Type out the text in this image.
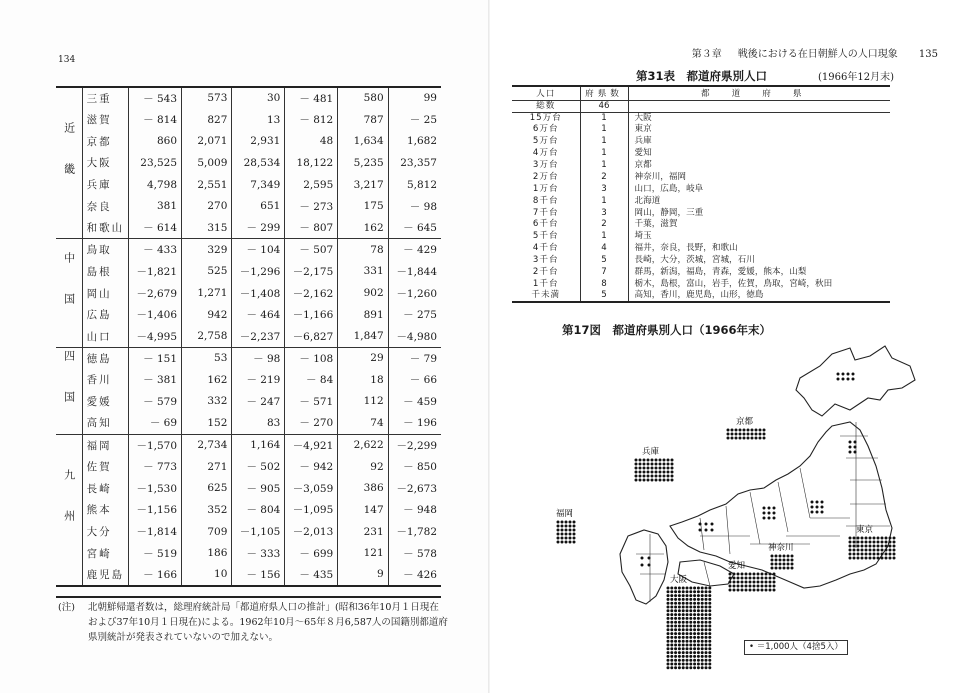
134
近畿	三重	－ 543	573	30	－ 481	580	99
	滋賀	－ 814	827	13	－ 812	787	－ 25
	京都	860	2,071	2,931	48	1,634	1,682
	大阪	23,525	5,009	28,534	18,122	5,235	23,357
	兵庫	4,798	2,551	7,349	2,595	3,217	5,812
	奈良	381	270	651	－ 273	175	－ 98
	和歌山	－ 614	315	－ 299	－ 807	162	－ 645
中国	鳥取	－ 433	329	－ 104	－ 507	78	－ 429
	島根	－1,821	525	－1,296	－2,175	331	－1,844
	岡山	－2,679	1,271	－1,408	－2,162	902	－1,260
	広島	－1,406	942	－ 464	－1,166	891	－ 275
	山口	－4,995	2,758	－2,237	－6,827	1,847	－4,980
四国	徳島	－ 151	53	－ 98	－ 108	29	－ 79
	香川	－ 381	162	－ 219	－ 84	18	－ 66
	愛媛	－ 579	332	－ 247	－ 571	112	－ 459
	高知	－ 69	152	83	－ 270	74	－ 196
九州	福岡	－1,570	2,734	1,164	－4,921	2,622	－2,299
	佐賀	－ 773	271	－ 502	－ 942	92	－ 850
	長崎	－1,530	625	－ 905	－3,059	386	－2,673
	熊本	－1,156	352	－ 804	－1,095	147	－ 948
	大分	－1,814	709	－1,105	－2,013	231	－1,782
	宮崎	－ 519	186	－ 333	－ 699	121	－ 578
	鹿児島	－ 166	10	－ 156	－ 435	9	－ 426
(注) 北朝鮮帰還者数は，総理府統計局「都道府県人口の推計」(昭和36年10月１日現在および37年10月１日現在)による。1962年10月～65年８月6,587人の国籍別都道府県別統計が発表されていないので加えない。
第３章 戦後における在日朝鮮人の人口現象 135
第31表　都道府県別人口	(1966年12月末)
人口	府県数	都道府県
総数	46	
15万台	1	大阪
6万台	1	東京
5万台	1	兵庫
4万台	1	愛知
3万台	1	京都
2万台	2	神奈川，福岡
1万台	3	山口，広島，岐阜
8千台	1	北海道
7千台	3	岡山，静岡，三重
6千台	2	千葉，滋賀
5千台	1	埼玉
4千台	4	福井，奈良，長野，和歌山
3千台	5	長崎，大分，茨城，宮城，石川
2千台	7	群馬，新潟，福島，青森，愛媛，熊本，山梨
1千台	8	栃木，島根，富山，岩手，佐賀，鳥取，宮崎，秋田
千未満	5	高知，香川，鹿児島，山形，徳島
第17図　都道府県別人口（1966年末）
京都
兵庫
福岡
東京
神奈川
愛知
大阪
• ＝1,000人（4捨5入）
